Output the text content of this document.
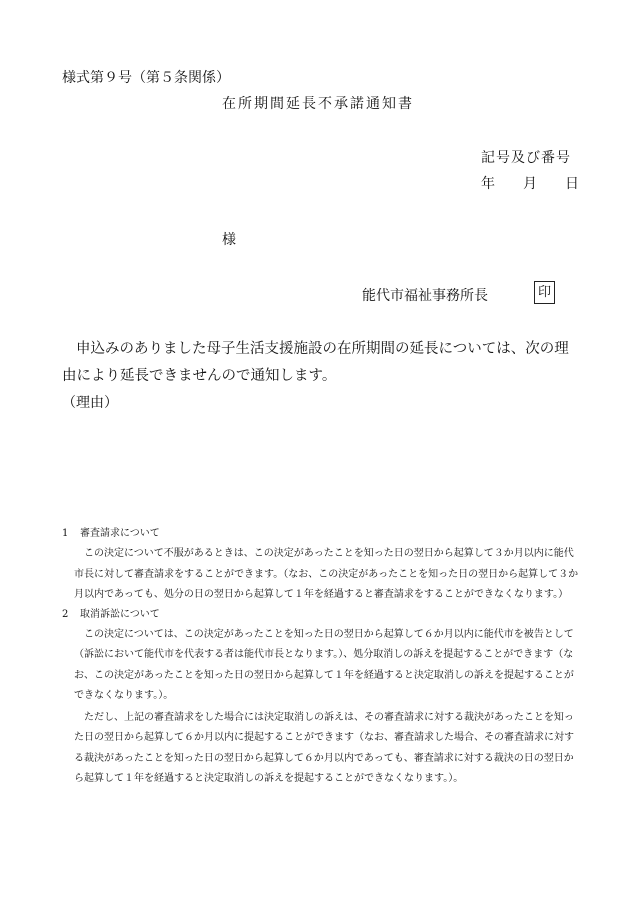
様式第９号（第５条関係）
在所期間延長不承諾通知書
記号及び番号
年 月 日
様
能代市福祉事務所長	印
申込みのありました母子生活支援施設の在所期間の延長については、次の理由により延長できませんので通知します。
（理由）
1 審査請求について
この決定について不服があるときは、この決定があったことを知った日の翌日から起算して３か月以内に能代市長に対して審査請求をすることができます。（なお、この決定があったことを知った日の翌日から起算して３か月以内であっても、処分の日の翌日から起算して１年を経過すると審査請求をすることができなくなります。）
2 取消訴訟について
この決定については、この決定があったことを知った日の翌日から起算して６か月以内に能代市を被告として（訴訟において能代市を代表する者は能代市長となります。）、処分取消しの訴えを提起することができます（なお、この決定があったことを知った日の翌日から起算して１年を経過すると決定取消しの訴えを提起することができなくなります。）。
ただし、上記の審査請求をした場合には決定取消しの訴えは、その審査請求に対する裁決があったことを知った日の翌日から起算して６か月以内に提起することができます（なお、審査請求した場合、その審査請求に対する裁決があったことを知った日の翌日から起算して６か月以内であっても、審査請求に対する裁決の日の翌日から起算して１年を経過すると決定取消しの訴えを提起することができなくなります。）。
